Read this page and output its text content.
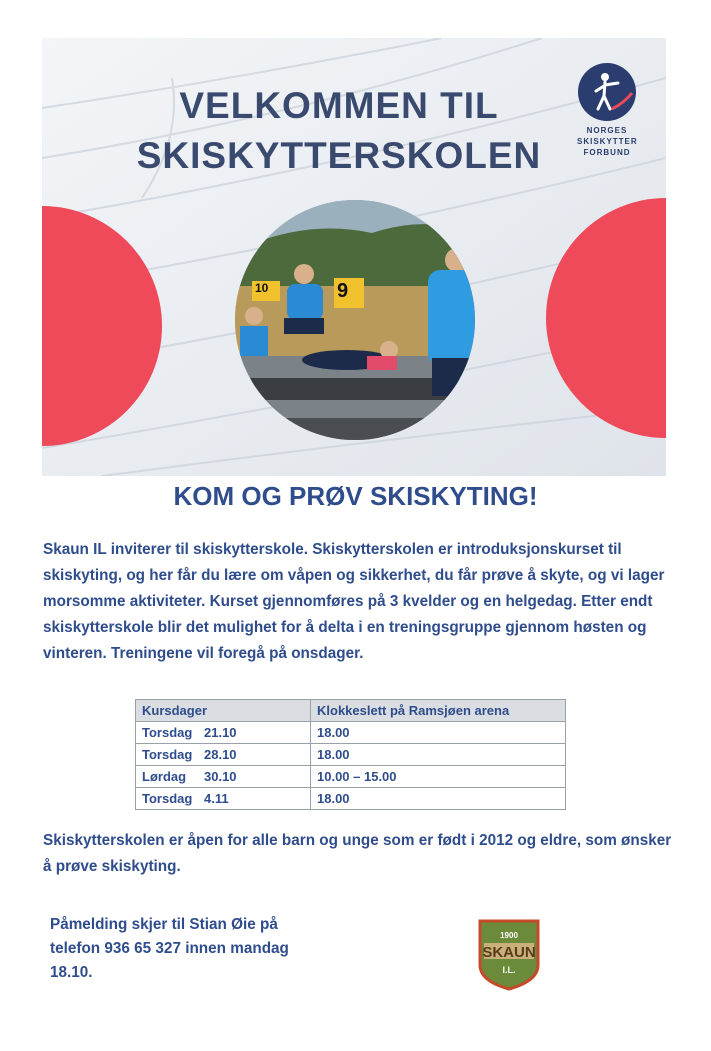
VELKOMMEN TIL
SKISKYTTERSKOLEN
10	9
NORGES
SKISKYTTER
FORBUND
KOM OG PRØV SKISKYTING!

Skaun IL inviterer til skiskytterskole. Skiskytterskolen er introduksjonskurset til skiskyting, og her får du lære om våpen og sikkerhet, du får prøve å skyte, og vi lager morsomme aktiviteter. Kurset gjennomføres på 3 kvelder og en helgedag. Etter endt skiskytterskole blir det mulighet for å delta i en treningsgruppe gjennom høsten og vinteren. Treningene vil foregå på onsdager.

Kursdager	Klokkeslett på Ramsjøen arena
Torsdag 21.10	18.00
Torsdag 28.10	18.00
Lørdag 30.10	10.00 – 15.00
Torsdag 4.11	18.00

Skiskytterskolen er åpen for alle barn og unge som er født i 2012 og eldre, som ønsker å prøve skiskyting.

Påmelding skjer til Stian Øie på
telefon 936 65 327 innen mandag
18.10.
1900
SKAUN
I.L.
